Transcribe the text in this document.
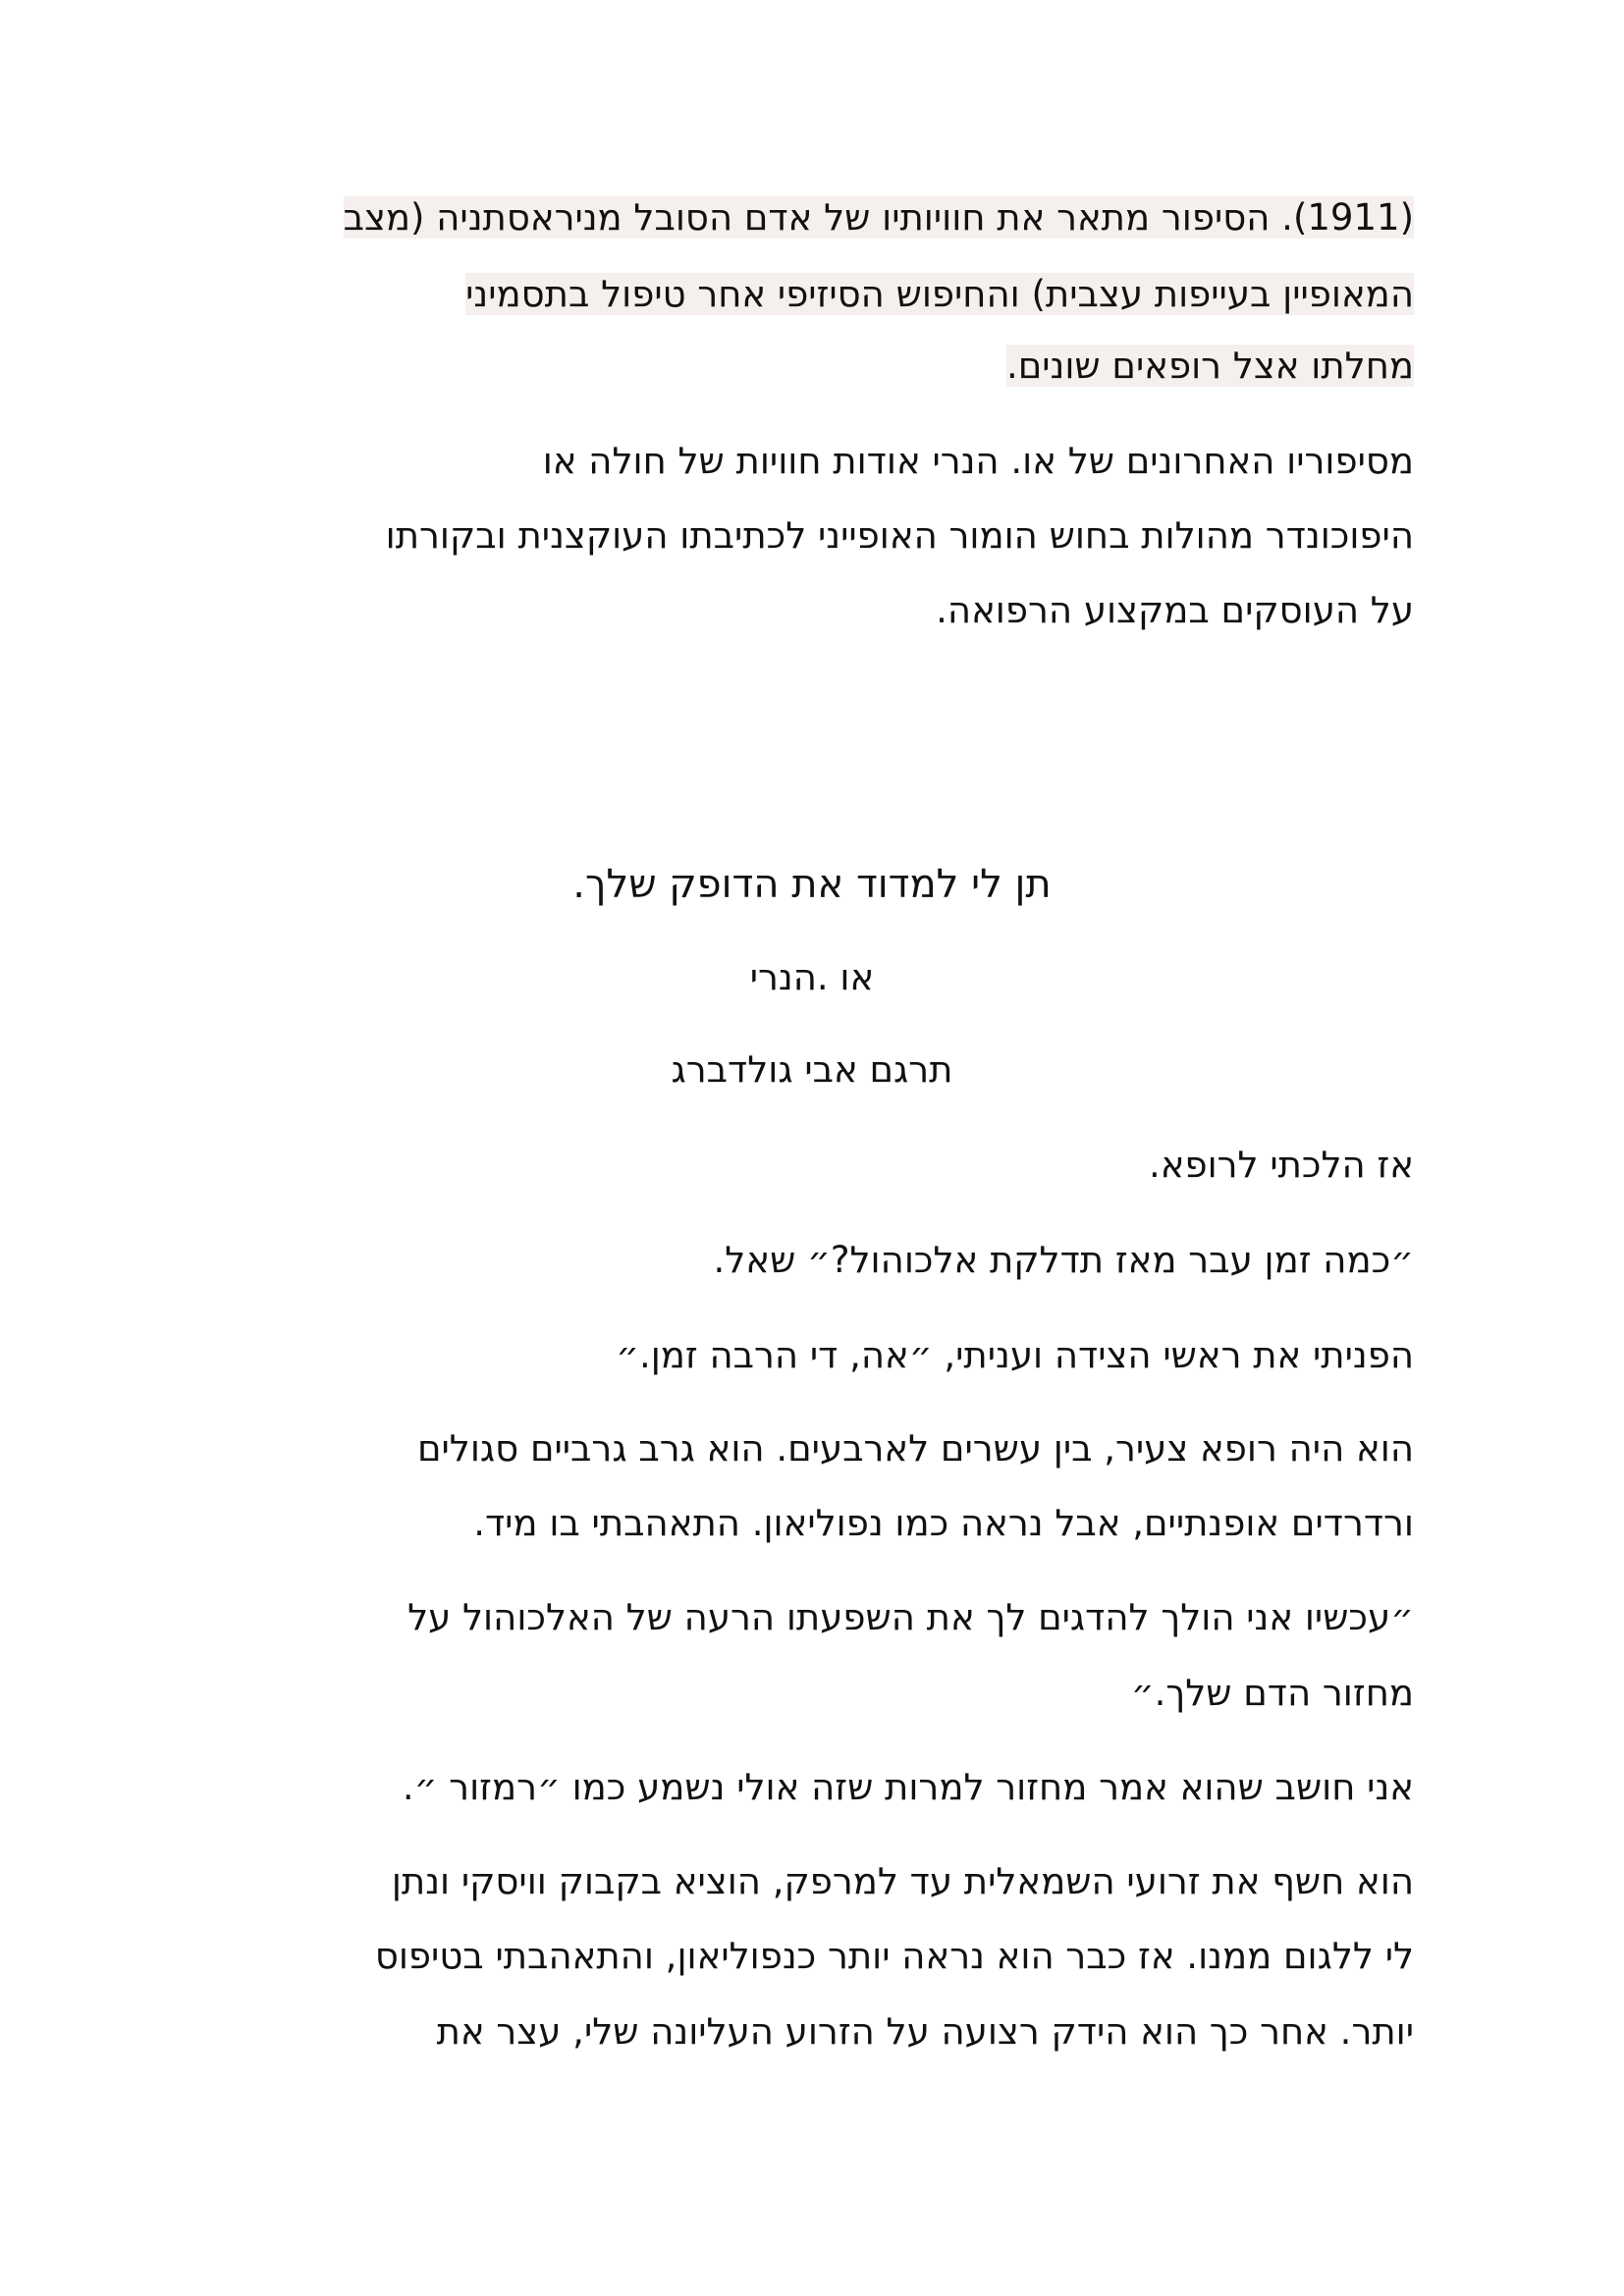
(1911). הסיפור מתאר את חוויותיו של אדם הסובל מניראסתניה (מצב
המאופיין בעייפות עצבית) והחיפוש הסיזיפי אחר טיפול בתסמיני
מחלתו אצל רופאים שונים.
מסיפוריו האחרונים של או. הנרי אודות חוויות של חולה או
היפוכונדר מהולות בחוש הומור האופייני לכתיבתו העוקצנית ובקורתו
על העוסקים במקצוע הרפואה.
תן לי למדוד את הדופק שלך.
או .הנרי
תרגם אבי גולדברג
אז הלכתי לרופא.
״כמה זמן עבר מאז תדלקת אלכוהול?״ שאל.
הפניתי את ראשי הצידה ועניתי, ״אה, די הרבה זמן.״
הוא היה רופא צעיר, בין עשרים לארבעים. הוא גרב גרביים סגולים
ורדרדים אופנתיים, אבל נראה כמו נפוליאון. התאהבתי בו מיד.
״עכשיו אני הולך להדגים לך את השפעתו הרעה של האלכוהול על
מחזור הדם שלך.״
אני חושב שהוא אמר מחזור למרות שזה אולי נשמע כמו ״רמזור ״.
הוא חשף את זרועי השמאלית עד למרפק, הוציא בקבוק וויסקי ונתן
לי ללגום ממנו. אז כבר הוא נראה יותר כנפוליאון, והתאהבתי בטיפוס
יותר. אחר כך הוא הידק רצועה על הזרוע העליונה שלי, עצר את
